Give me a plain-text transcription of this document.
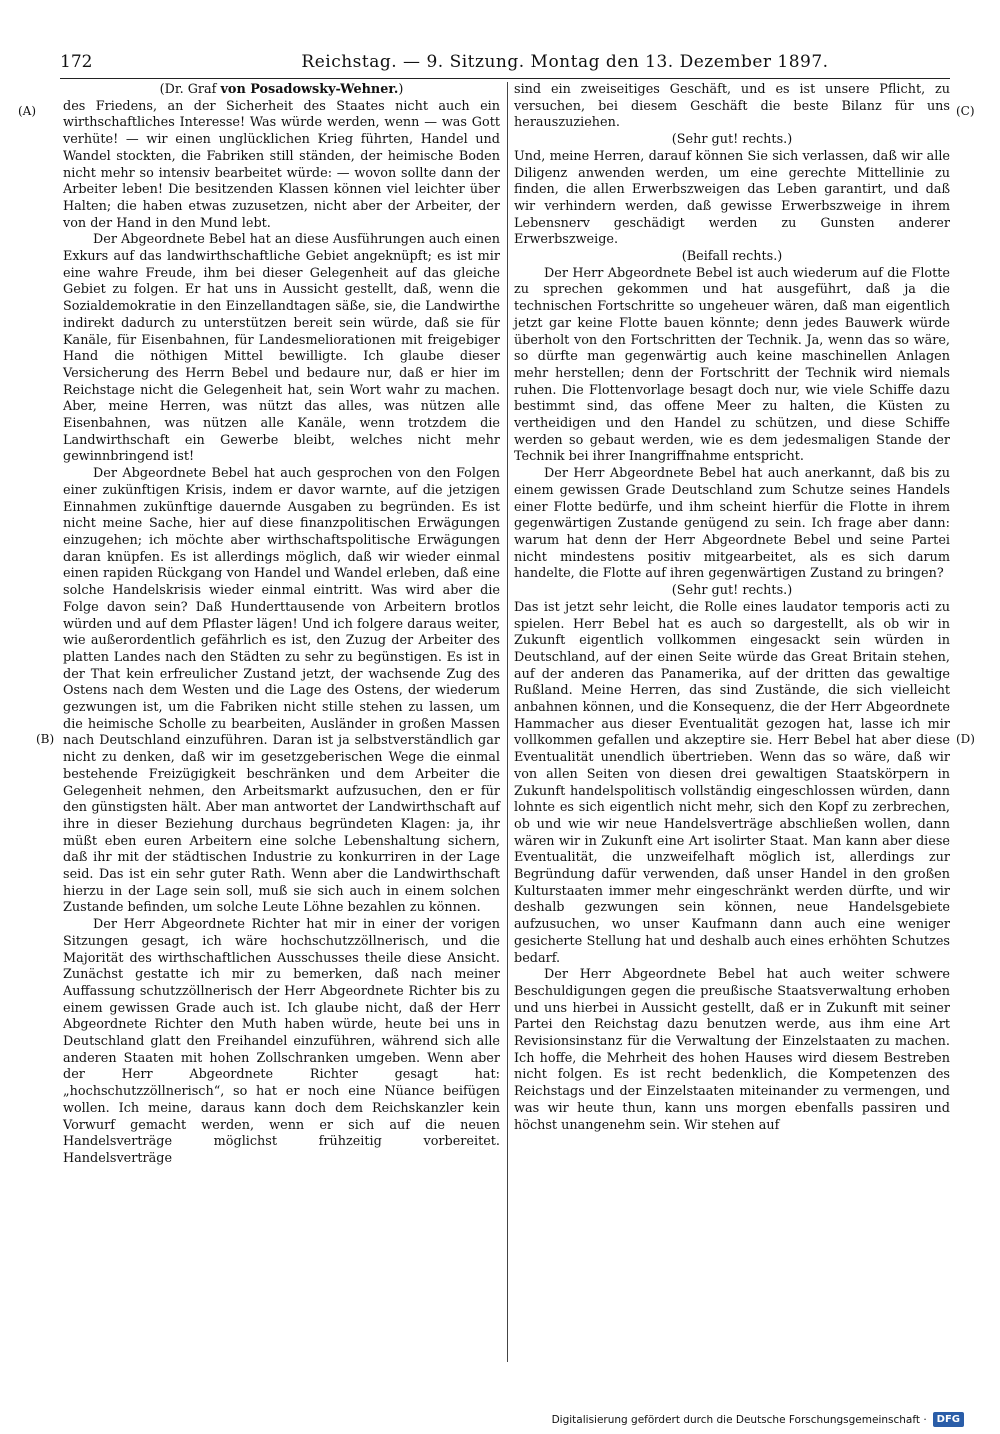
172	Reichstag. — 9. Sitzung. Montag den 13. Dezember 1897.
(A)
(B)
(C)
(D)

(Dr. Graf von Posadowsky-Wehner.)

des Friedens, an der Sicherheit des Staates nicht auch ein wirthschaftliches Interesse! Was würde werden, wenn — was Gott verhüte! — wir einen unglücklichen Krieg führten, Handel und Wandel stockten, die Fabriken still ständen, der heimische Boden nicht mehr so intensiv bearbeitet würde: — wovon sollte dann der Arbeiter leben! Die besitzenden Klassen können viel leichter über Halten; die haben etwas zuzusetzen, nicht aber der Arbeiter, der von der Hand in den Mund lebt.

Der Abgeordnete Bebel hat an diese Ausführungen auch einen Exkurs auf das landwirthschaftliche Gebiet angeknüpft; es ist mir eine wahre Freude, ihm bei dieser Gelegenheit auf das gleiche Gebiet zu folgen. Er hat uns in Aussicht gestellt, daß, wenn die Sozialdemokratie in den Einzellandtagen säße, sie, die Landwirthe indirekt dadurch zu unterstützen bereit sein würde, daß sie für Kanäle, für Eisenbahnen, für Landesmeliorationen mit freigebiger Hand die nöthigen Mittel bewilligte. Ich glaube dieser Versicherung des Herrn Bebel und bedaure nur, daß er hier im Reichstage nicht die Gelegenheit hat, sein Wort wahr zu machen. Aber, meine Herren, was nützt das alles, was nützen alle Eisenbahnen, was nützen alle Kanäle, wenn trotzdem die Landwirthschaft ein Gewerbe bleibt, welches nicht mehr gewinnbringend ist!

Der Abgeordnete Bebel hat auch gesprochen von den Folgen einer zukünftigen Krisis, indem er davor warnte, auf die jetzigen Einnahmen zukünftige dauernde Ausgaben zu begründen. Es ist nicht meine Sache, hier auf diese finanzpolitischen Erwägungen einzugehen; ich möchte aber wirthschaftspolitische Erwägungen daran knüpfen. Es ist allerdings möglich, daß wir wieder einmal einen rapiden Rückgang von Handel und Wandel erleben, daß eine solche Handelskrisis wieder einmal eintritt. Was wird aber die Folge davon sein? Daß Hunderttausende von Arbeitern brotlos würden und auf dem Pflaster lägen! Und ich folgere daraus weiter, wie außerordentlich gefährlich es ist, den Zuzug der Arbeiter des platten Landes nach den Städten zu sehr zu begünstigen. Es ist in der That kein erfreulicher Zustand jetzt, der wachsende Zug des Ostens nach dem Westen und die Lage des Ostens, der wiederum gezwungen ist, um die Fabriken nicht stille stehen zu lassen, um die heimische Scholle zu bearbeiten, Ausländer in großen Massen nach Deutschland einzuführen. Daran ist ja selbstverständlich gar nicht zu denken, daß wir im gesetzgeberischen Wege die einmal bestehende Freizügigkeit beschränken und dem Arbeiter die Gelegenheit nehmen, den Arbeitsmarkt aufzusuchen, den er für den günstigsten hält. Aber man antwortet der Landwirthschaft auf ihre in dieser Beziehung durchaus begründeten Klagen: ja, ihr müßt eben euren Arbeitern eine solche Lebenshaltung sichern, daß ihr mit der städtischen Industrie zu konkurriren in der Lage seid. Das ist ein sehr guter Rath. Wenn aber die Landwirthschaft hierzu in der Lage sein soll, muß sie sich auch in einem solchen Zustande befinden, um solche Leute Löhne bezahlen zu können.

Der Herr Abgeordnete Richter hat mir in einer der vorigen Sitzungen gesagt, ich wäre hochschutzzöllnerisch, und die Majorität des wirthschaftlichen Ausschusses theile diese Ansicht. Zunächst gestatte ich mir zu bemerken, daß nach meiner Auffassung schutzzöllnerisch der Herr Abgeordnete Richter bis zu einem gewissen Grade auch ist. Ich glaube nicht, daß der Herr Abgeordnete Richter den Muth haben würde, heute bei uns in Deutschland glatt den Freihandel einzuführen, während sich alle anderen Staaten mit hohen Zollschranken umgeben. Wenn aber der Herr Abgeordnete Richter gesagt hat: „hochschutzzöllnerisch“, so hat er noch eine Nüance beifügen wollen. Ich meine, daraus kann doch dem Reichskanzler kein Vorwurf gemacht werden, wenn er sich auf die neuen Handelsverträge möglichst frühzeitig vorbereitet. Handelsverträge

sind ein zweiseitiges Geschäft, und es ist unsere Pflicht, zu versuchen, bei diesem Geschäft die beste Bilanz für uns herauszuziehen.

(Sehr gut! rechts.)

Und, meine Herren, darauf können Sie sich verlassen, daß wir alle Diligenz anwenden werden, um eine gerechte Mittellinie zu finden, die allen Erwerbszweigen das Leben garantirt, und daß wir verhindern werden, daß gewisse Erwerbszweige in ihrem Lebensnerv geschädigt werden zu Gunsten anderer Erwerbszweige.

(Beifall rechts.)

Der Herr Abgeordnete Bebel ist auch wiederum auf die Flotte zu sprechen gekommen und hat ausgeführt, daß ja die technischen Fortschritte so ungeheuer wären, daß man eigentlich jetzt gar keine Flotte bauen könnte; denn jedes Bauwerk würde überholt von den Fortschritten der Technik. Ja, wenn das so wäre, so dürfte man gegenwärtig auch keine maschinellen Anlagen mehr herstellen; denn der Fortschritt der Technik wird niemals ruhen. Die Flottenvorlage besagt doch nur, wie viele Schiffe dazu bestimmt sind, das offene Meer zu halten, die Küsten zu vertheidigen und den Handel zu schützen, und diese Schiffe werden so gebaut werden, wie es dem jedesmaligen Stande der Technik bei ihrer Inangriffnahme entspricht.

Der Herr Abgeordnete Bebel hat auch anerkannt, daß bis zu einem gewissen Grade Deutschland zum Schutze seines Handels einer Flotte bedürfe, und ihm scheint hierfür die Flotte in ihrem gegenwärtigen Zustande genügend zu sein. Ich frage aber dann: warum hat denn der Herr Abgeordnete Bebel und seine Partei nicht mindestens positiv mitgearbeitet, als es sich darum handelte, die Flotte auf ihren gegenwärtigen Zustand zu bringen?

(Sehr gut! rechts.)

Das ist jetzt sehr leicht, die Rolle eines laudator temporis acti zu spielen. Herr Bebel hat es auch so dargestellt, als ob wir in Zukunft eigentlich vollkommen eingesackt sein würden in Deutschland, auf der einen Seite würde das Great Britain stehen, auf der anderen das Panamerika, auf der dritten das gewaltige Rußland. Meine Herren, das sind Zustände, die sich vielleicht anbahnen können, und die Konsequenz, die der Herr Abgeordnete Hammacher aus dieser Eventualität gezogen hat, lasse ich mir vollkommen gefallen und akzeptire sie. Herr Bebel hat aber diese Eventualität unendlich übertrieben. Wenn das so wäre, daß wir von allen Seiten von diesen drei gewaltigen Staatskörpern in Zukunft handelspolitisch vollständig eingeschlossen würden, dann lohnte es sich eigentlich nicht mehr, sich den Kopf zu zerbrechen, ob und wie wir neue Handelsverträge abschließen wollen, dann wären wir in Zukunft eine Art isolirter Staat. Man kann aber diese Eventualität, die unzweifelhaft möglich ist, allerdings zur Begründung dafür verwenden, daß unser Handel in den großen Kulturstaaten immer mehr eingeschränkt werden dürfte, und wir deshalb gezwungen sein können, neue Handelsgebiete aufzusuchen, wo unser Kaufmann dann auch eine weniger gesicherte Stellung hat und deshalb auch eines erhöhten Schutzes bedarf.

Der Herr Abgeordnete Bebel hat auch weiter schwere Beschuldigungen gegen die preußische Staatsverwaltung erhoben und uns hierbei in Aussicht gestellt, daß er in Zukunft mit seiner Partei den Reichstag dazu benutzen werde, aus ihm eine Art Revisionsinstanz für die Verwaltung der Einzelstaaten zu machen. Ich hoffe, die Mehrheit des hohen Hauses wird diesem Bestreben nicht folgen. Es ist recht bedenklich, die Kompetenzen des Reichstags und der Einzelstaaten miteinander zu vermengen, und was wir heute thun, kann uns morgen ebenfalls passiren und höchst unangenehm sein. Wir stehen auf

Digitalisierung gefördert durch die Deutsche Forschungsgemeinschaft ·	DFG
